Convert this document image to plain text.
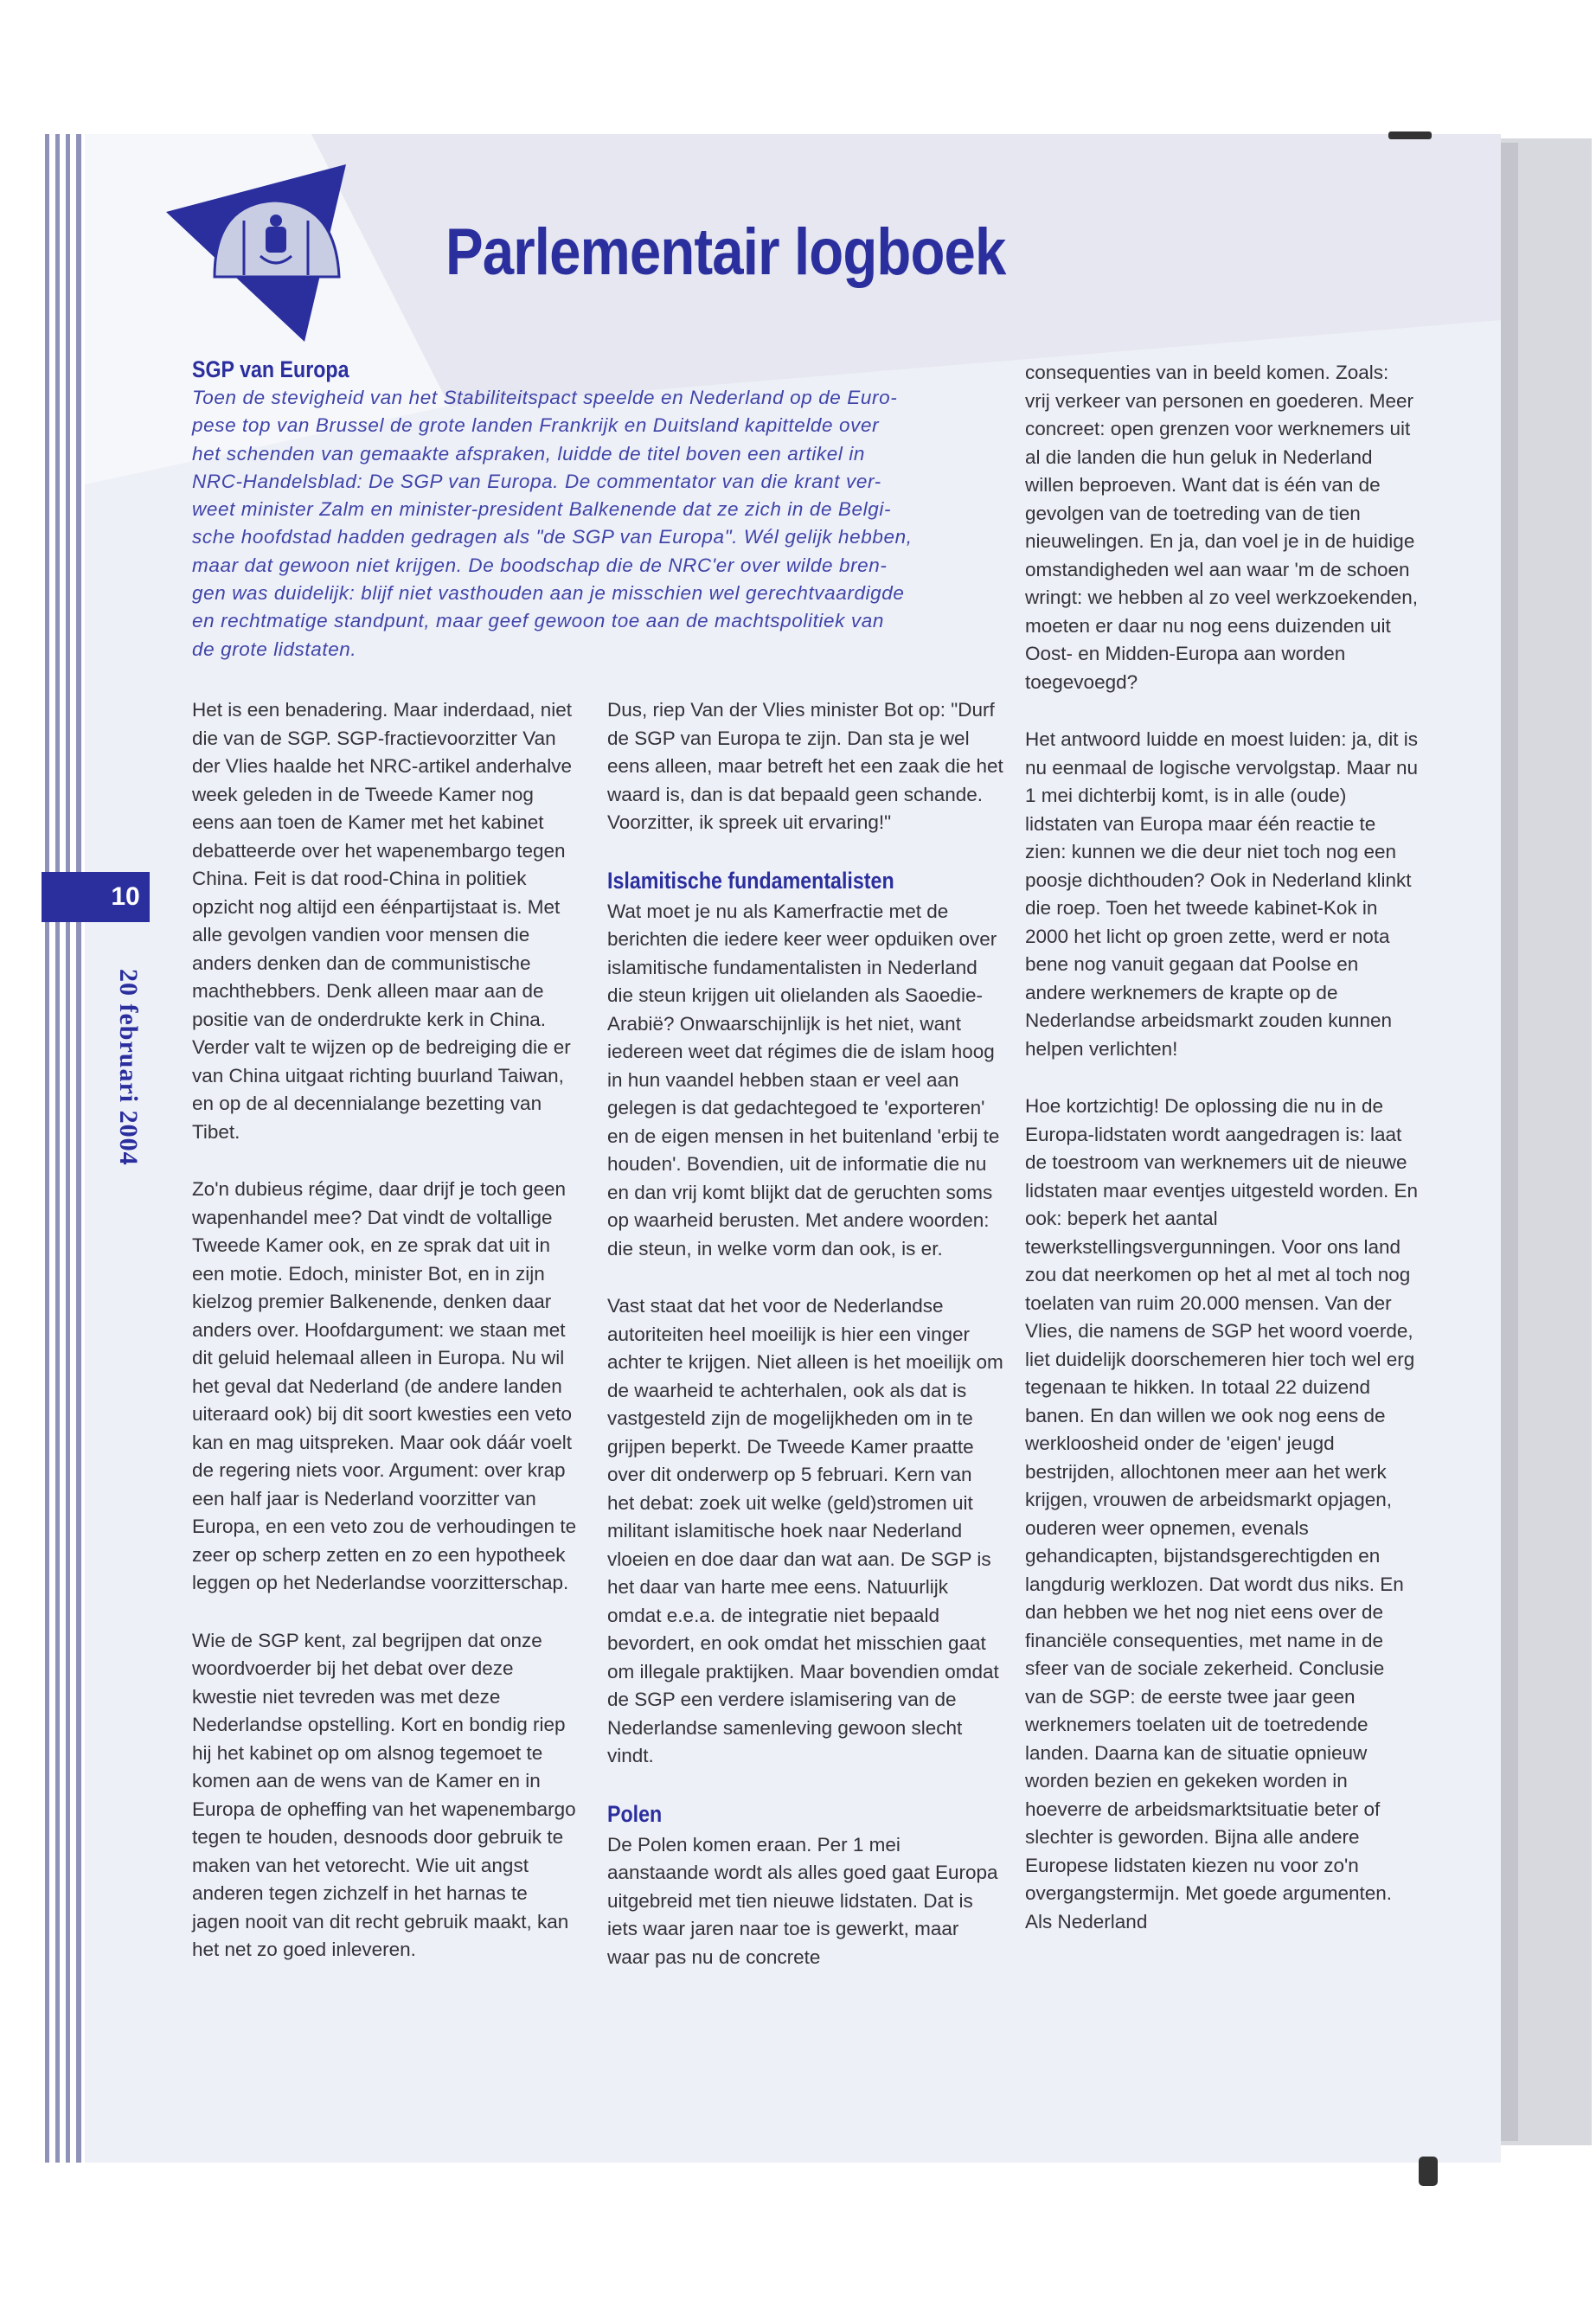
Parlementair logboek
10
20 februari 2004
SGP van Europa

Toen de stevigheid van het Stabiliteitspact speelde en Nederland op de Euro-
pese top van Brussel de grote landen Frankrijk en Duitsland kapittelde over
het schenden van gemaakte afspraken, luidde de titel boven een artikel in
NRC-Handelsblad: De SGP van Europa. De commentator van die krant ver-
weet minister Zalm en minister-president Balkenende dat ze zich in de Belgi-
sche hoofdstad hadden gedragen als "de SGP van Europa". Wél gelijk hebben,
maar dat gewoon niet krijgen. De boodschap die de NRC'er over wilde bren-
gen was duidelijk: blijf niet vasthouden aan je misschien wel gerechtvaardigde
en rechtmatige standpunt, maar geef gewoon toe aan de machtspolitiek van
de grote lidstaten.

Het is een benadering. Maar inderdaad, niet die van de SGP. SGP-fractievoorzitter Van der Vlies haalde het NRC-artikel anderhalve week geleden in de Tweede Kamer nog eens aan toen de Kamer met het kabinet debatteerde over het wapenembargo tegen China. Feit is dat rood-China in politiek opzicht nog altijd een éénpartijstaat is. Met alle gevolgen vandien voor mensen die anders denken dan de communistische machthebbers. Denk alleen maar aan de positie van de onderdrukte kerk in China. Verder valt te wijzen op de bedreiging die er van China uitgaat richting buurland Taiwan, en op de al decennialange bezetting van Tibet.

Zo'n dubieus régime, daar drijf je toch geen wapenhandel mee? Dat vindt de voltallige Tweede Kamer ook, en ze sprak dat uit in een motie. Edoch, minister Bot, en in zijn kielzog premier Balkenende, denken daar anders over. Hoofdargument: we staan met dit geluid helemaal alleen in Europa. Nu wil het geval dat Nederland (de andere landen uiteraard ook) bij dit soort kwesties een veto kan en mag uitspreken. Maar ook dáár voelt de regering niets voor. Argument: over krap een half jaar is Nederland voorzitter van Europa, en een veto zou de verhoudingen te zeer op scherp zetten en zo een hypotheek leggen op het Nederlandse voorzitterschap.

Wie de SGP kent, zal begrijpen dat onze woordvoerder bij het debat over deze kwestie niet tevreden was met deze Nederlandse opstelling. Kort en bondig riep hij het kabinet op om alsnog tegemoet te komen aan de wens van de Kamer en in Europa de opheffing van het wapenembargo tegen te houden, desnoods door gebruik te maken van het vetorecht. Wie uit angst anderen tegen zichzelf in het harnas te jagen nooit van dit recht gebruik maakt, kan het net zo goed inleveren.

Dus, riep Van der Vlies minister Bot op: "Durf de SGP van Europa te zijn. Dan sta je wel eens alleen, maar betreft het een zaak die het waard is, dan is dat bepaald geen schande. Voorzitter, ik spreek uit ervaring!"

Islamitische fundamentalisten

Wat moet je nu als Kamerfractie met de berichten die iedere keer weer opduiken over islamitische fundamentalisten in Nederland die steun krijgen uit olielanden als Saoedie-Arabië? Onwaarschijnlijk is het niet, want iedereen weet dat régimes die de islam hoog in hun vaandel hebben staan er veel aan gelegen is dat gedachtegoed te 'exporteren' en de eigen mensen in het buitenland 'erbij te houden'. Bovendien, uit de informatie die nu en dan vrij komt blijkt dat de geruchten soms op waarheid berusten. Met andere woorden: die steun, in welke vorm dan ook, is er.

Vast staat dat het voor de Nederlandse autoriteiten heel moeilijk is hier een vinger achter te krijgen. Niet alleen is het moeilijk om de waarheid te achterhalen, ook als dat is vastgesteld zijn de mogelijkheden om in te grijpen beperkt. De Tweede Kamer praatte over dit onderwerp op 5 februari. Kern van het debat: zoek uit welke (geld)stromen uit militant islamitische hoek naar Nederland vloeien en doe daar dan wat aan. De SGP is het daar van harte mee eens. Natuurlijk omdat e.e.a. de integratie niet bepaald bevordert, en ook omdat het misschien gaat om illegale praktijken. Maar bovendien omdat de SGP een verdere islamisering van de Nederlandse samenleving gewoon slecht vindt.

Polen

De Polen komen eraan. Per 1 mei aanstaande wordt als alles goed gaat Europa uitgebreid met tien nieuwe lidstaten. Dat is iets waar jaren naar toe is gewerkt, maar waar pas nu de concrete

consequenties van in beeld komen. Zoals: vrij verkeer van personen en goederen. Meer concreet: open grenzen voor werknemers uit al die landen die hun geluk in Nederland willen beproeven. Want dat is één van de gevolgen van de toetreding van de tien nieuwelingen. En ja, dan voel je in de huidige omstandigheden wel aan waar 'm de schoen wringt: we hebben al zo veel werkzoekenden, moeten er daar nu nog eens duizenden uit Oost- en Midden-Europa aan worden toegevoegd?

Het antwoord luidde en moest luiden: ja, dit is nu eenmaal de logische vervolgstap. Maar nu 1 mei dichterbij komt, is in alle (oude) lidstaten van Europa maar één reactie te zien: kunnen we die deur niet toch nog een poosje dichthouden? Ook in Nederland klinkt die roep. Toen het tweede kabinet-Kok in 2000 het licht op groen zette, werd er nota bene nog vanuit gegaan dat Poolse en andere werknemers de krapte op de Nederlandse arbeidsmarkt zouden kunnen helpen verlichten!

Hoe kortzichtig! De oplossing die nu in de Europa-lidstaten wordt aangedragen is: laat de toestroom van werknemers uit de nieuwe lidstaten maar eventjes uitgesteld worden. En ook: beperk het aantal tewerkstellingsvergunningen. Voor ons land zou dat neerkomen op het al met al toch nog toelaten van ruim 20.000 mensen. Van der Vlies, die namens de SGP het woord voerde, liet duidelijk doorschemeren hier toch wel erg tegenaan te hikken. In totaal 22 duizend banen. En dan willen we ook nog eens de werkloosheid onder de 'eigen' jeugd bestrijden, allochtonen meer aan het werk krijgen, vrouwen de arbeidsmarkt opjagen, ouderen weer opnemen, evenals gehandicapten, bijstandsgerechtigden en langdurig werklozen. Dat wordt dus niks. En dan hebben we het nog niet eens over de financiële consequenties, met name in de sfeer van de sociale zekerheid. Conclusie van de SGP: de eerste twee jaar geen werknemers toelaten uit de toetredende landen. Daarna kan de situatie opnieuw worden bezien en gekeken worden in hoeverre de arbeidsmarktsituatie beter of slechter is geworden. Bijna alle andere Europese lidstaten kiezen nu voor zo'n overgangstermijn. Met goede argumenten. Als Nederland
